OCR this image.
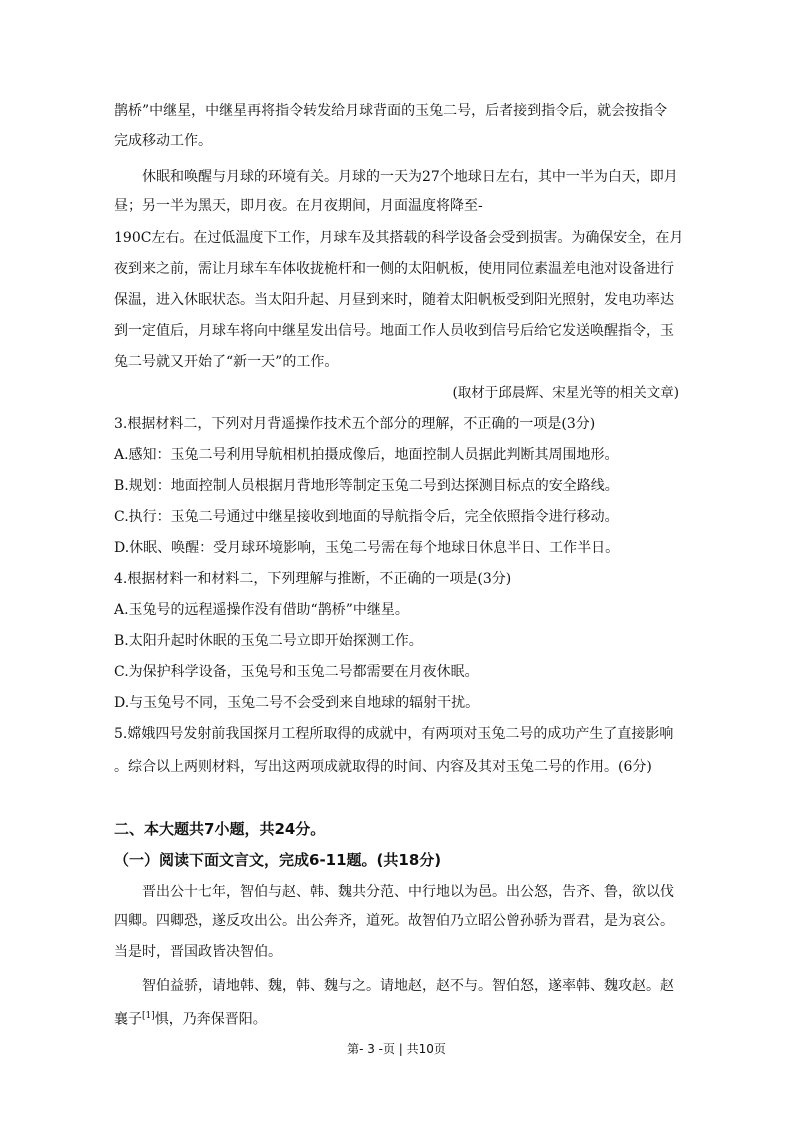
鹊桥”中继星，中继星再将指令转发给月球背面的玉兔二号，后者接到指令后，就会按指令
完成移动工作。
休眠和唤醒与月球的环境有关。月球的一天为27个地球日左右，其中一半为白天，即月
昼；另一半为黑天，即月夜。在月夜期间，月面温度将降至-
190C左右。在过低温度下工作，月球车及其搭载的科学设备会受到损害。为确保安全，在月
夜到来之前，需让月球车车体收拢桅杆和一侧的太阳帆板，使用同位素温差电池对设备进行
保温，进入休眠状态。当太阳升起、月昼到来时，随着太阳帆板受到阳光照射，发电功率达
到一定值后，月球车将向中继星发出信号。地面工作人员收到信号后给它发送唤醒指令，玉
兔二号就又开始了“新一天”的工作。
(取材于邱晨辉、宋星光等的相关文章)
3.根据材料二，下列对月背遥操作技术五个部分的理解，不正确的一项是(3分)
A.感知：玉兔二号利用导航相机拍摄成像后，地面控制人员据此判断其周围地形。
B.规划：地面控制人员根据月背地形等制定玉兔二号到达探测目标点的安全路线。
C.执行：玉兔二号通过中继星接收到地面的导航指令后，完全依照指令进行移动。
D.休眠、唤醒：受月球环境影响，玉兔二号需在每个地球日休息半日、工作半日。
4.根据材料一和材料二，下列理解与推断，不正确的一项是(3分)
A.玉兔号的远程遥操作没有借助“鹊桥”中继星。
B.太阳升起时休眠的玉兔二号立即开始探测工作。
C.为保护科学设备，玉兔号和玉兔二号都需要在月夜休眠。
D.与玉兔号不同，玉兔二号不会受到来自地球的辐射干扰。
5.嫦娥四号发射前我国探月工程所取得的成就中，有两项对玉兔二号的成功产生了直接影响
。综合以上两则材料，写出这两项成就取得的时间、内容及其对玉兔二号的作用。(6分)
二、本大题共7小题，共24分。
（一）阅读下面文言文，完成6-11题。(共18分)
晋出公十七年，智伯与赵、韩、魏共分范、中行地以为邑。出公怒，告齐、鲁，欲以伐
四卿。四卿恐，遂反攻出公。出公奔齐，道死。故智伯乃立昭公曾孙骄为晋君，是为哀公。
当是时，晋国政皆决智伯。
智伯益骄，请地韩、魏，韩、魏与之。请地赵，赵不与。智伯怒，遂率韩、魏攻赵。赵
襄子[1]惧，乃奔保晋阳。
第- 3 -页 | 共10页
